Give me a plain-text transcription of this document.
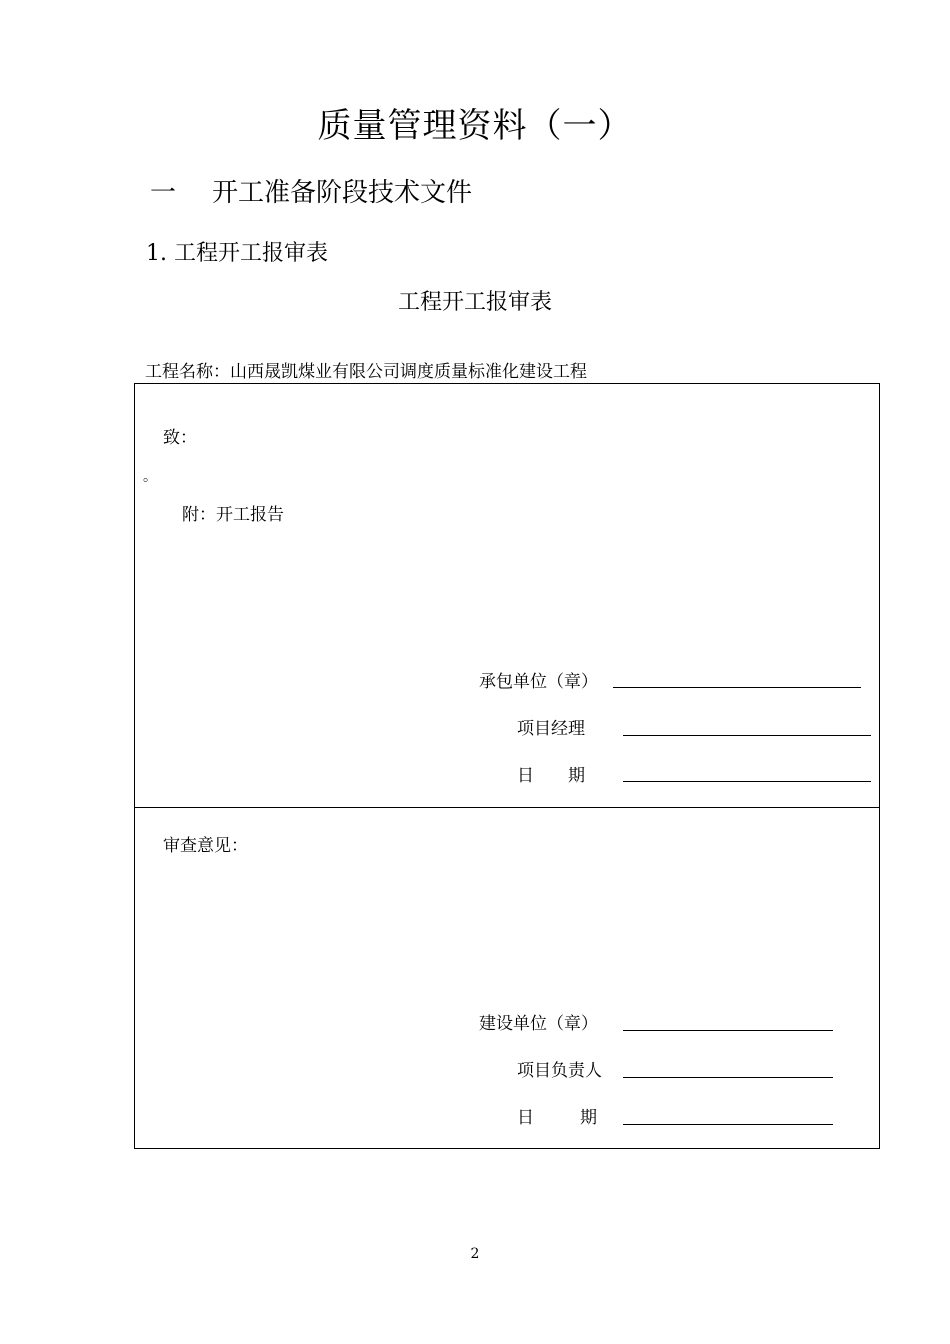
质量管理资料（一）
一 开工准备阶段技术文件
1. 工程开工报审表
工程开工报审表
工程名称：山西晟凯煤业有限公司调度质量标准化建设工程
致：
。
附：开工报告
承包单位（章）
项目经理
日　　期
审查意见：
建设单位（章）
项目负责人
日　　期
2
